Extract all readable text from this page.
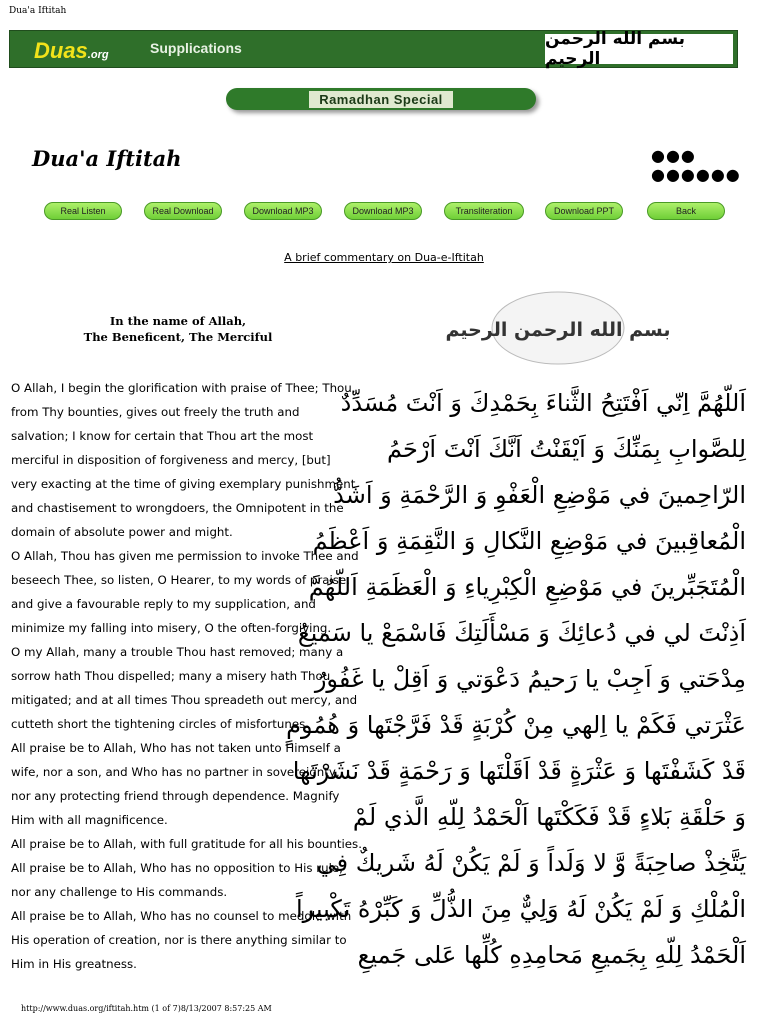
Dua'a Iftitah
Duas.org	Supplications	بسم الله الرحمن الرحيم
Ramadhan Special
Dua'a Iftitah	●●● ●●●●●●
Real Listen	Real Download	Download MP3	Download MP3	Transliteration	Download PPT	Back
A brief commentary on Dua-e-Iftitah
In the name of Allah,
The Beneficent, The Merciful	بسم الله الرحمن الرحيم

O Allah, I begin the glorification with praise of Thee; Thou,

from Thy bounties, gives out freely the truth and

salvation; I know for certain that Thou art the most

merciful in disposition of forgiveness and mercy, [but]

very exacting at the time of giving exemplary punishment

and chastisement to wrongdoers, the Omnipotent in the

domain of absolute power and might.

O Allah, Thou has given me permission to invoke Thee and

beseech Thee, so listen, O Hearer, to my words of praise,

and give a favourable reply to my supplication, and

minimize my falling into misery, O the often-forgiving.

O my Allah, many a trouble Thou hast removed; many a

sorrow hath Thou dispelled; many a misery hath Thou

mitigated; and at all times Thou spreadeth out mercy, and

cutteth short the tightening circles of misfortunes.

All praise be to Allah, Who has not taken unto Himself a

wife, nor a son, and Who has no partner in sovereignty,

nor any protecting friend through dependence. Magnify

Him with all magnificence.

All praise be to Allah, with full gratitude for all his bounties.

All praise be to Allah, Who has no opposition to His rule,

nor any challenge to His commands.

All praise be to Allah, Who has no counsel to meddle with

His operation of creation, nor is there anything similar to

Him in His greatness.

اَللّهُمَّ اِنّي اَفْتَتِحُ الثَّناءَ بِحَمْدِكَ وَ اَنْتَ مُسَدِّدٌ
لِلصَّوابِ بِمَنِّكَ وَ اَيْقَنْتُ اَنَّكَ اَنْتَ اَرْحَمُ
الرّاحِمينَ في مَوْضِعِ الْعَفْوِ وَ الرَّحْمَةِ وَ اَشَدُّ
الْمُعاقِبينَ في مَوْضِعِ النَّكالِ وَ النَّقِمَةِ وَ اَعْظَمُ
الْمُتَجَبِّرينَ في مَوْضِعِ الْكِبْرِياءِ وَ الْعَظَمَةِ اَللّهُمَّ
اَذِنْتَ لي في دُعائِكَ وَ مَسْأَلَتِكَ فَاسْمَعْ يا سَميعُ
مِدْحَتي وَ اَجِبْ يا رَحيمُ دَعْوَتي وَ اَقِلْ يا غَفُورُ
عَثْرَتي فَكَمْ يا اِلهي مِنْ كُرْبَةٍ قَدْ فَرَّجْتَها وَ هُمُومٍ
قَدْ كَشَفْتَها وَ عَثْرَةٍ قَدْ اَقَلْتَها وَ رَحْمَةٍ قَدْ نَشَرْتَها
وَ حَلْقَةِ بَلاءٍ قَدْ فَكَكْتَها اَلْحَمْدُ لِلّهِ الَّذي لَمْ
يَتَّخِذْ صاحِبَةً وَّ لا وَلَداً وَ لَمْ يَكُنْ لَهُ شَريكٌ فِي
الْمُلْكِ وَ لَمْ يَكُنْ لَهُ وَلِيٌّ مِنَ الذُّلِّ وَ كَبِّرْهُ تَكْبيراً
اَلْحَمْدُ لِلّهِ بِجَميعِ مَحامِدِهِ كُلِّها عَلى جَميعِ
http://www.duas.org/iftitah.htm (1 of 7)8/13/2007 8:57:25 AM
